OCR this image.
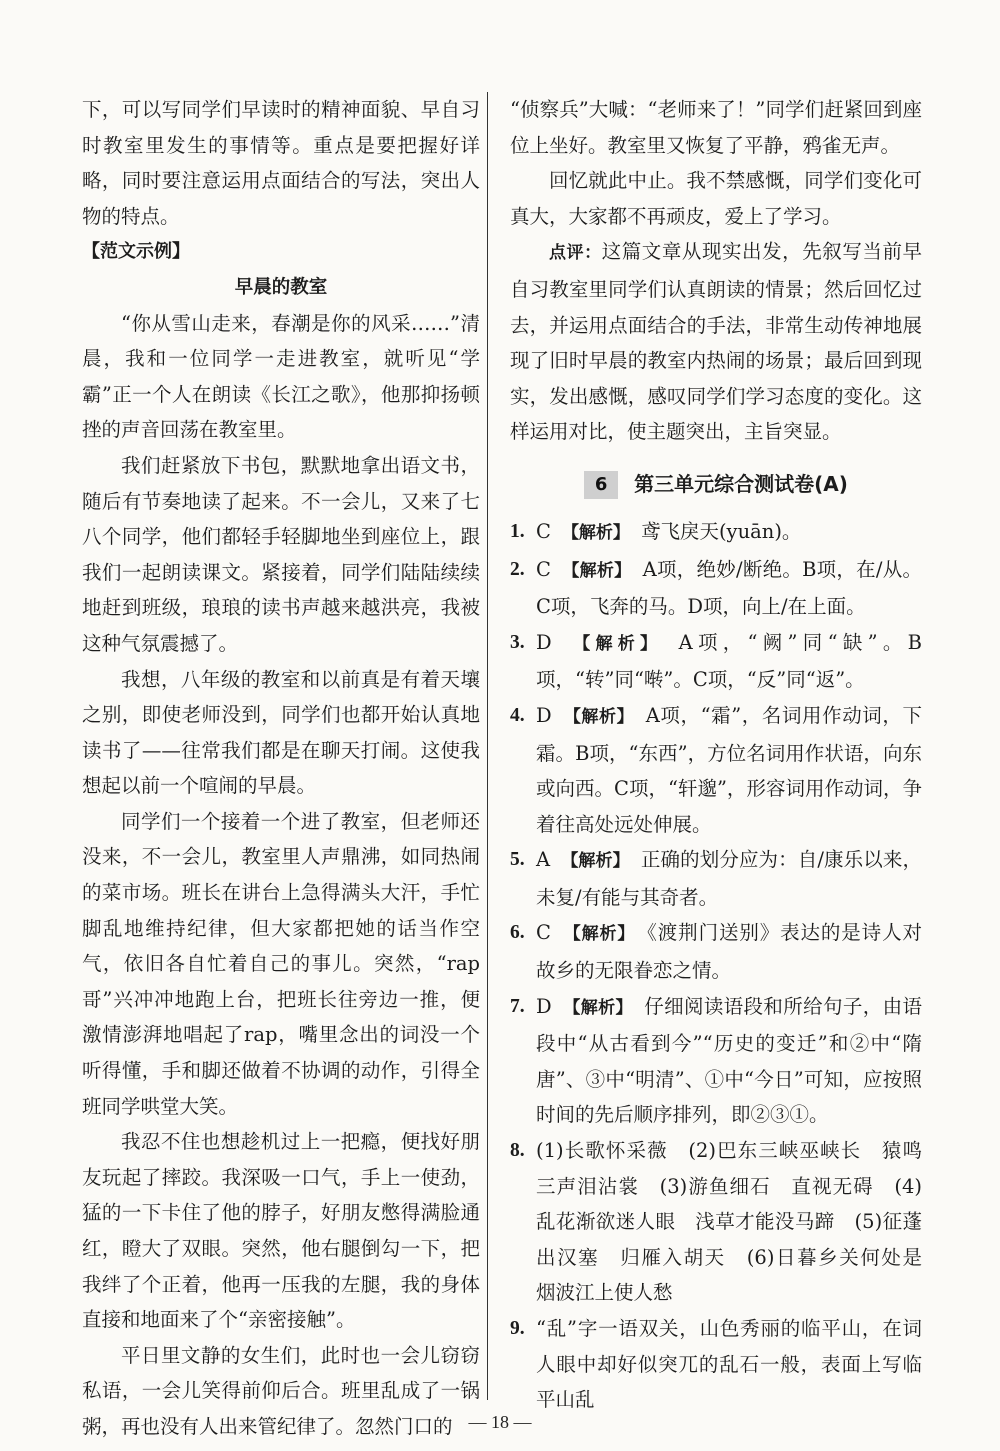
下，可以写同学们早读时的精神面貌、早自习时教室里发生的事情等。重点是要把握好详略，同时要注意运用点面结合的写法，突出人物的特点。

【范文示例】

早晨的教室

“你从雪山走来，春潮是你的风采……”清晨，我和一位同学一走进教室，就听见“学霸”正一个人在朗读《长江之歌》，他那抑扬顿挫的声音回荡在教室里。

我们赶紧放下书包，默默地拿出语文书，随后有节奏地读了起来。不一会儿，又来了七八个同学，他们都轻手轻脚地坐到座位上，跟我们一起朗读课文。紧接着，同学们陆陆续续地赶到班级，琅琅的读书声越来越洪亮，我被这种气氛震撼了。

我想，八年级的教室和以前真是有着天壤之别，即使老师没到，同学们也都开始认真地读书了——往常我们都是在聊天打闹。这使我想起以前一个喧闹的早晨。

同学们一个接着一个进了教室，但老师还没来，不一会儿，教室里人声鼎沸，如同热闹的菜市场。班长在讲台上急得满头大汗，手忙脚乱地维持纪律，但大家都把她的话当作空气，依旧各自忙着自己的事儿。突然，“rap哥”兴冲冲地跑上台，把班长往旁边一推，便激情澎湃地唱起了rap，嘴里念出的词没一个听得懂，手和脚还做着不协调的动作，引得全班同学哄堂大笑。

我忍不住也想趁机过上一把瘾，便找好朋友玩起了摔跤。我深吸一口气，手上一使劲，猛的一下卡住了他的脖子，好朋友憋得满脸通红，瞪大了双眼。突然，他右腿倒勾一下，把我绊了个正着，他再一压我的左腿，我的身体直接和地面来了个“亲密接触”。

平日里文静的女生们，此时也一会儿窃窃私语，一会儿笑得前仰后合。班里乱成了一锅粥，再也没有人出来管纪律了。忽然门口的

“侦察兵”大喊：“老师来了！”同学们赶紧回到座位上坐好。教室里又恢复了平静，鸦雀无声。

回忆就此中止。我不禁感慨，同学们变化可真大，大家都不再顽皮，爱上了学习。

点评：这篇文章从现实出发，先叙写当前早自习教室里同学们认真朗读的情景；然后回忆过去，并运用点面结合的手法，非常生动传神地展现了旧时早晨的教室内热闹的场景；最后回到现实，发出感慨，感叹同学们学习态度的变化。这样运用对比，使主题突出，主旨突显。

6	第三单元综合测试卷(A)
1. C　 【解析】　 鸢飞戾天(yuān)。

2. C　 【解析】　 A项，绝妙/断绝。B项，在/从。C项，飞奔的马。D项，向上/在上面。

3. D　 【解析】　 A项，“阙”同“缺”。B项，“转”同“啭”。C项，“反”同“返”。

4. D　 【解析】　 A项，“霜”，名词用作动词，下霜。B项，“东西”，方位名词用作状语，向东或向西。C项，“轩邈”，形容词用作动词，争着往高处远处伸展。

5. A　 【解析】　 正确的划分应为：自/康乐以来，未复/有能与其奇者。

6. C　 【解析】　 《渡荆门送别》表达的是诗人对故乡的无限眷恋之情。

7. D　 【解析】　 仔细阅读语段和所给句子，由语段中“从古看到今”“历史的变迁”和②中“隋唐”、③中“明清”、①中“今日”可知，应按照时间的先后顺序排列，即②③①。

8. (1)长歌怀采薇　(2)巴东三峡巫峡长　猿鸣三声泪沾裳　(3)游鱼细石　直视无碍　(4)乱花渐欲迷人眼　浅草才能没马蹄　(5)征蓬出汉塞　归雁入胡天　(6)日暮乡关何处是　烟波江上使人愁

9. “乱”字一语双关，山色秀丽的临平山，在词人眼中却好似突兀的乱石一般，表面上写临平山乱

— 18 —
